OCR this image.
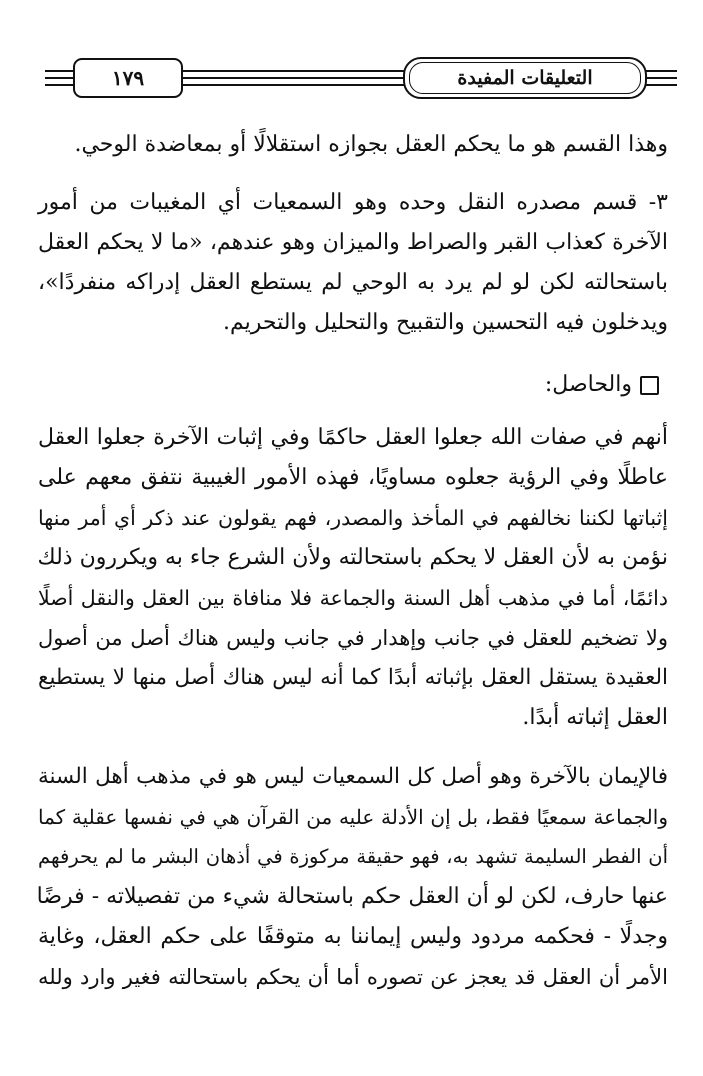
١٧٩	التعليقات المفيدة
وهذا القسم هو ما يحكم العقل بجوازه استقلالًا أو بمعاضدة الوحي.
٣- قسم مصدره النقل وحده وهو السمعيات أي المغيبات من أمور
الآخرة كعذاب القبر والصراط والميزان وهو عندهم، «ما لا يحكم العقل
باستحالته لكن لو لم يرد به الوحي لم يستطع العقل إدراكه منفردًا»،
ويدخلون فيه التحسين والتقبيح والتحليل والتحريم.
والحاصل:
أنهم في صفات الله جعلوا العقل حاكمًا وفي إثبات الآخرة جعلوا العقل
عاطلًا وفي الرؤية جعلوه مساويًا، فهذه الأمور الغيبية نتفق معهم على
إثباتها لكننا نخالفهم في المأخذ والمصدر، فهم يقولون عند ذكر أي أمر منها
نؤمن به لأن العقل لا يحكم باستحالته ولأن الشرع جاء به ويكررون ذلك
دائمًا، أما في مذهب أهل السنة والجماعة فلا منافاة بين العقل والنقل أصلًا
ولا تضخيم للعقل في جانب وإهدار في جانب وليس هناك أصل من أصول
العقيدة يستقل العقل بإثباته أبدًا كما أنه ليس هناك أصل منها لا يستطيع
العقل إثباته أبدًا.
فالإيمان بالآخرة وهو أصل كل السمعيات ليس هو في مذهب أهل السنة
والجماعة سمعيًا فقط، بل إن الأدلة عليه من القرآن هي في نفسها عقلية كما
أن الفطر السليمة تشهد به، فهو حقيقة مركوزة في أذهان البشر ما لم يحرفهم
عنها حارف، لكن لو أن العقل حكم باستحالة شيء من تفصيلاته - فرضًا
وجدلًا - فحكمه مردود وليس إيماننا به متوقفًا على حكم العقل، وغاية
الأمر أن العقل قد يعجز عن تصوره أما أن يحكم باستحالته فغير وارد ولله
